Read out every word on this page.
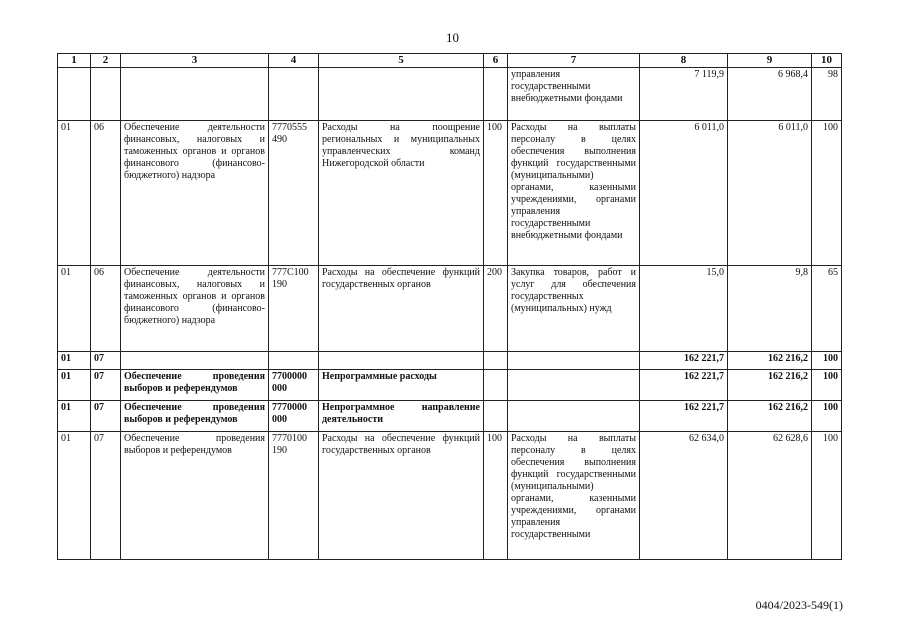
10
1	2	3	4	5	6	7	8	9	10
						управления государственными внебюджетными фондами	7 119,9	6 968,4	98
01	06	Обеспечение деятельности финансовых, налоговых и таможенных органов и органов финансового (финансово-бюджетного) надзора	7770555 490	Расходы на поощрение региональных и муниципальных управленческих команд Нижегородской области	100	Расходы на выплаты персоналу в целях обеспечения выполнения функций государственными (муниципальными) органами, казенными учреждениями, органами управления государственными внебюджетными фондами	6 011,0	6 011,0	100
01	06	Обеспечение деятельности финансовых, налоговых и таможенных органов и органов финансового (финансово-бюджетного) надзора	777С100 190	Расходы на обеспечение функций государственных органов	200	Закупка товаров, работ и услуг для обеспечения государственных (муниципальных) нужд	15,0	9,8	65
01	07						162 221,7	162 216,2	100
01	07	Обеспечение проведения выборов и референдумов	7700000 000	Непрограммные расходы			162 221,7	162 216,2	100
01	07	Обеспечение проведения выборов и референдумов	7770000 000	Непрограммное направление деятельности			162 221,7	162 216,2	100
01	07	Обеспечение проведения выборов и референдумов	7770100 190	Расходы на обеспечение функций государственных органов	100	Расходы на выплаты персоналу в целях обеспечения выполнения функций государственными (муниципальными) органами, казенными учреждениями, органами управления государственными	62 634,0	62 628,6	100
0404/2023-549(1)
